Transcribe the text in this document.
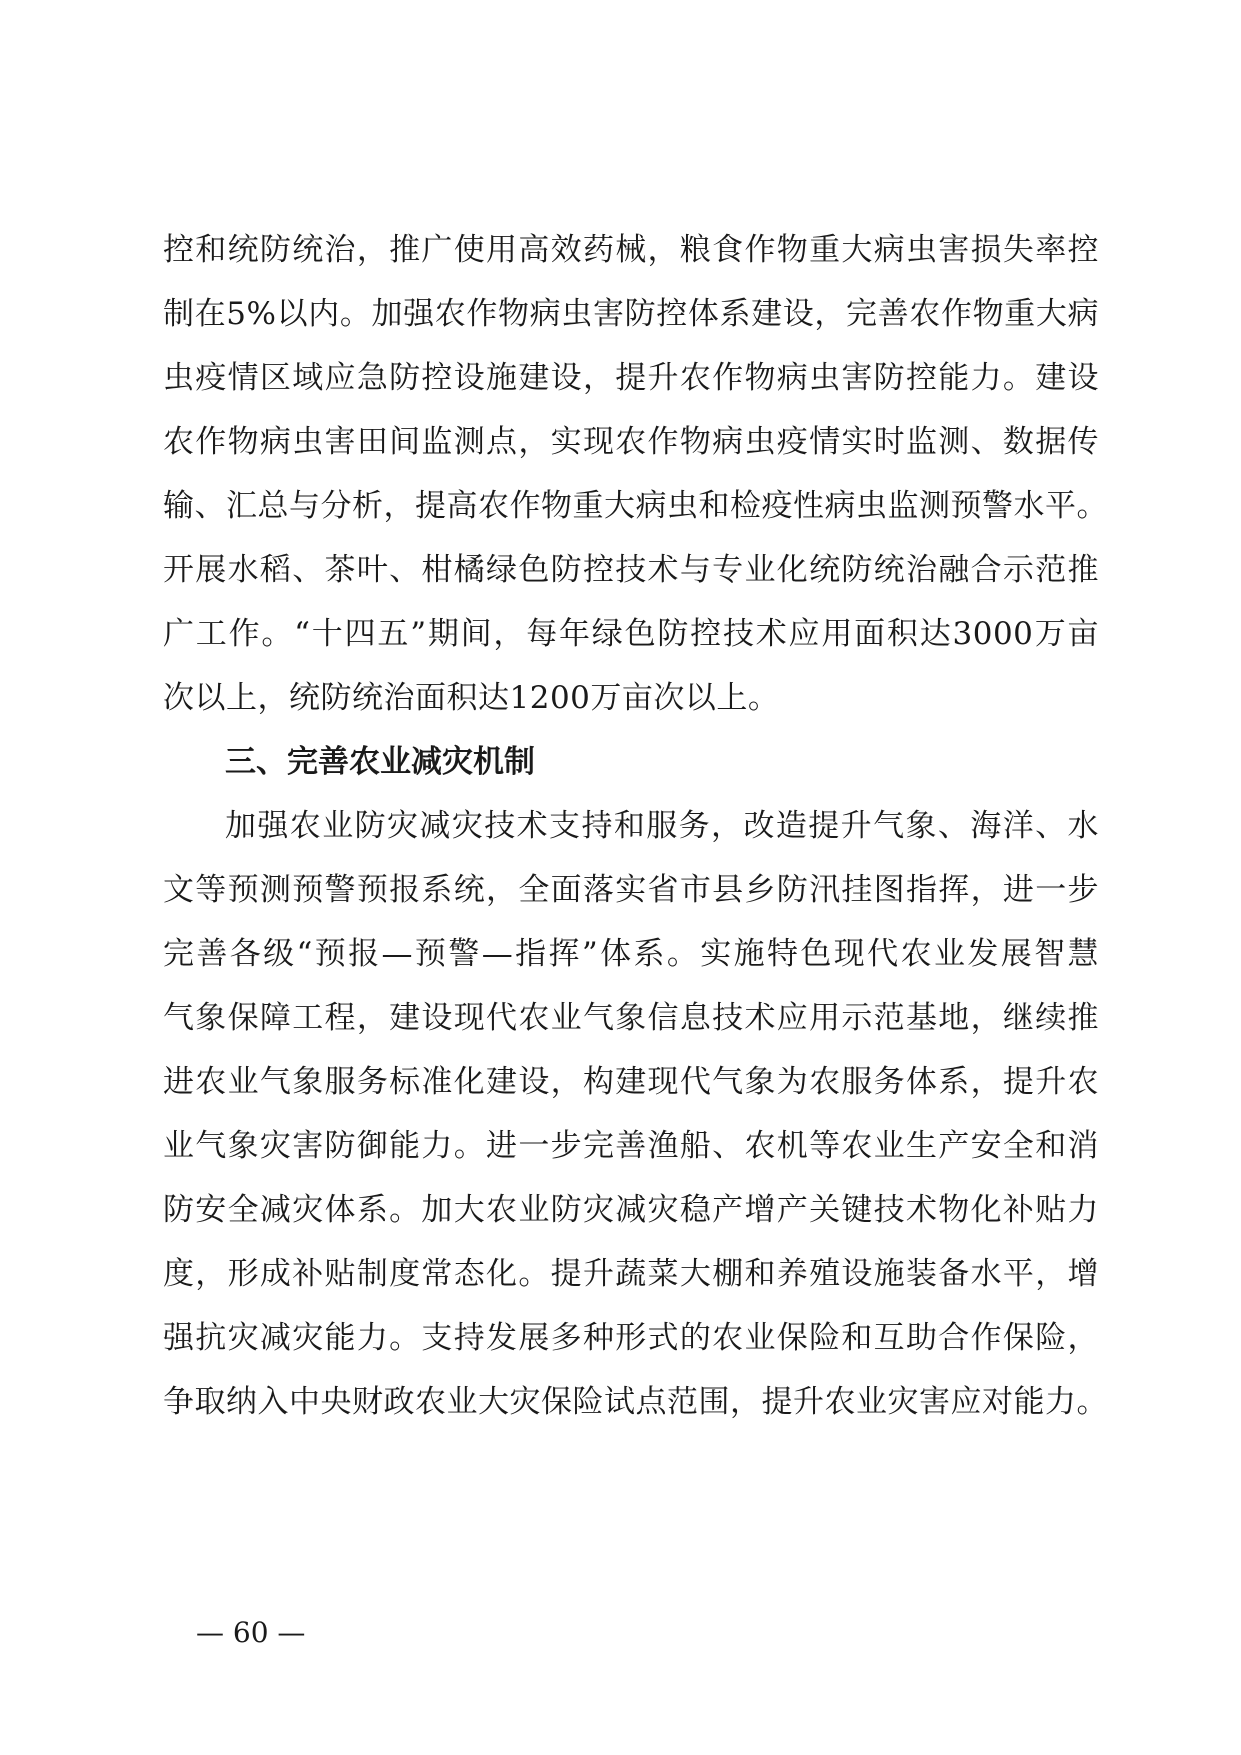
控和统防统治，推广使用高效药械，粮食作物重大病虫害损失率控
制在5%以内。加强农作物病虫害防控体系建设，完善农作物重大病
虫疫情区域应急防控设施建设，提升农作物病虫害防控能力。建设
农作物病虫害田间监测点，实现农作物病虫疫情实时监测、数据传
输、汇总与分析，提高农作物重大病虫和检疫性病虫监测预警水平。
开展水稻、茶叶、柑橘绿色防控技术与专业化统防统治融合示范推
广工作。“十四五”期间，每年绿色防控技术应用面积达3000万亩
次以上，统防统治面积达1200万亩次以上。
三、完善农业减灾机制
加强农业防灾减灾技术支持和服务，改造提升气象、海洋、水
文等预测预警预报系统，全面落实省市县乡防汛挂图指挥，进一步
完善各级“预报—预警—指挥”体系。实施特色现代农业发展智慧
气象保障工程，建设现代农业气象信息技术应用示范基地，继续推
进农业气象服务标准化建设，构建现代气象为农服务体系，提升农
业气象灾害防御能力。进一步完善渔船、农机等农业生产安全和消
防安全减灾体系。加大农业防灾减灾稳产增产关键技术物化补贴力
度，形成补贴制度常态化。提升蔬菜大棚和养殖设施装备水平，增
强抗灾减灾能力。支持发展多种形式的农业保险和互助合作保险，
争取纳入中央财政农业大灾保险试点范围，提升农业灾害应对能力。
— 60 —
